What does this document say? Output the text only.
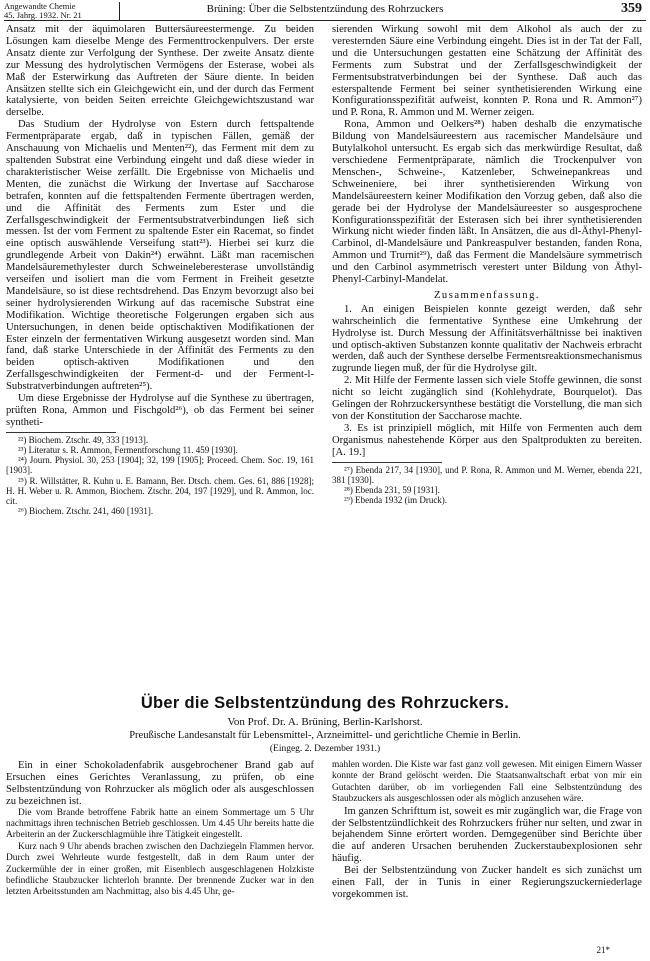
Angewandte Chemie
45. Jahrg. 1932. Nr. 21	Brüning: Über die Selbstentzündung des Rohrzuckers	359

Ansatz mit der äquimolaren Buttersäureestermenge. Zu beiden Lösungen kam dieselbe Menge des Fermenttrockenpulvers. Der erste Ansatz diente zur Verfolgung der Synthese. Der zweite Ansatz diente zur Messung des hydrolytischen Vermögens der Esterase, wobei als Maß der Esterwirkung das Auftreten der Säure diente. In beiden Ansätzen stellte sich ein Gleichgewicht ein, und der durch das Ferment katalysierte, von beiden Seiten erreichte Gleichgewichtszustand war derselbe.

Das Studium der Hydrolyse von Estern durch fettspaltende Fermentpräparate ergab, daß in typischen Fällen, gemäß der Anschauung von Michaelis und Menten²²), das Ferment mit dem zu spaltenden Substrat eine Verbindung eingeht und daß diese wieder in charakteristischer Weise zerfällt. Die Ergebnisse von Michaelis und Menten, die zunächst die Wirkung der Invertase auf Saccharose betrafen, konnten auf die fettspaltenden Fermente übertragen werden, und die Affinität des Ferments zum Ester und die Zerfallsgeschwindigkeit der Fermentsubstratverbindungen ließ sich messen. Ist der vom Ferment zu spaltende Ester ein Racemat, so findet eine optisch auswählende Verseifung statt²³). Hierbei sei kurz die grundlegende Arbeit von Dakin²⁴) erwähnt. Läßt man racemischen Mandelsäuremethylester durch Schweineleberesterase unvollständig verseifen und isoliert man die vom Ferment in Freiheit gesetzte Mandelsäure, so ist diese rechtsdrehend. Das Enzym bevorzugt also bei seiner hydrolysierenden Wirkung auf das racemische Substrat eine Modifikation. Wichtige theoretische Folgerungen ergaben sich aus Untersuchungen, in denen beide optischaktiven Modifikationen der Ester einzeln der fermentativen Wirkung ausgesetzt worden sind. Man fand, daß starke Unterschiede in der Affinität des Ferments zu den beiden optisch-aktiven Modifikationen und den Zerfallsgeschwindigkeiten der Ferment-d- und der Ferment-l-Substratverbindungen auftreten²⁵).

Um diese Ergebnisse der Hydrolyse auf die Synthese zu übertragen, prüften Rona, Ammon und Fischgold²⁶), ob das Ferment bei seiner syntheti-

²²) Biochem. Ztschr. 49, 333 [1913].

²³) Literatur s. R. Ammon, Fermentforschung 11. 459 [1930].

²⁴) Journ. Physiol. 30, 253 [1904]; 32, 199 [1905]; Proceed. Chem. Soc. 19, 161 [1903].

²⁵) R. Willstätter, R. Kuhn u. E. Bamann, Ber. Dtsch. chem. Ges. 61, 886 [1928]; H. H. Weber u. R. Ammon, Biochem. Ztschr. 204, 197 [1929], und R. Ammon, loc. cit.

²⁶) Biochem. Ztschr. 241, 460 [1931].

sierenden Wirkung sowohl mit dem Alkohol als auch der zu veresternden Säure eine Verbindung eingeht. Dies ist in der Tat der Fall, und die Untersuchungen gestatten eine Schätzung der Affinität des Ferments zum Substrat und der Zerfallsgeschwindigkeit der Fermentsubstratverbindungen bei der Synthese. Daß auch das esterspaltende Ferment bei seiner synthetisierenden Wirkung eine Konfigurationsspezifität aufweist, konnten P. Rona und R. Ammon²⁷) und P. Rona, R. Ammon und M. Werner zeigen.

Rona, Ammon und Oelkers²⁸) haben deshalb die enzymatische Bildung von Mandelsäureestern aus racemischer Mandelsäure und Butylalkohol untersucht. Es ergab sich das merkwürdige Resultat, daß verschiedene Fermentpräparate, nämlich die Trockenpulver von Menschen-, Schweine-, Katzenleber, Schweinepankreas und Schweineniere, bei ihrer synthetisierenden Wirkung von Mandelsäureestern keiner Modifikation den Vorzug geben, daß also die gerade bei der Hydrolyse der Mandelsäureester so ausgesprochene Konfigurationsspezifität der Esterasen sich bei ihrer synthetisierenden Wirkung nicht wieder finden läßt. In Ansätzen, die aus dl-Äthyl-Phenyl-Carbinol, dl-Mandelsäure und Pankreaspulver bestanden, fanden Rona, Ammon und Trurnit²⁹), daß das Ferment die Mandelsäure symmetrisch und den Carbinol asymmetrisch verestert unter Bildung von Äthyl-Phenyl-Carbinyl-Mandelat.

Zusammenfassung.

1. An einigen Beispielen konnte gezeigt werden, daß sehr wahrscheinlich die fermentative Synthese eine Umkehrung der Hydrolyse ist. Durch Messung der Affinitätsverhältnisse bei inaktiven und optisch-aktiven Substanzen konnte qualitativ der Nachweis erbracht werden, daß auch der Synthese derselbe Fermentsreaktionsmechanismus zugrunde liegen muß, der für die Hydrolyse gilt.

2. Mit Hilfe der Fermente lassen sich viele Stoffe gewinnen, die sonst nicht so leicht zugänglich sind (Kohlehydrate, Bourquelot). Das Gelingen der Rohrzuckersynthese bestätigt die Vorstellung, die man sich von der Konstitution der Saccharose machte.

3. Es ist prinzipiell möglich, mit Hilfe von Fermenten auch dem Organismus nahestehende Körper aus den Spaltprodukten zu bereiten. [A. 19.]

²⁷) Ebenda 217, 34 [1930], und P. Rona, R. Ammon und M. Werner, ebenda 221, 381 [1930].

²⁸) Ebenda 231, 59 [1931].

²⁹) Ebenda 1932 (im Druck).

Über die Selbstentzündung des Rohrzuckers.
Von Prof. Dr. A. Brüning, Berlin-Karlshorst.
Preußische Landesanstalt für Lebensmittel-, Arzneimittel- und gerichtliche Chemie in Berlin.
(Eingeg. 2. Dezember 1931.)

Ein in einer Schokoladenfabrik ausgebrochener Brand gab auf Ersuchen eines Gerichtes Veranlassung, zu prüfen, ob eine Selbstentzündung von Rohrzucker als möglich oder als ausgeschlossen zu bezeichnen ist.

Die vom Brande betroffene Fabrik hatte an einem Sommertage um 5 Uhr nachmittags ihren technischen Betrieb geschlossen. Um 4.45 Uhr bereits hatte die Arbeiterin an der Zuckerschlagmühle ihre Tätigkeit eingestellt.

Kurz nach 9 Uhr abends brachen zwischen den Dachziegeln Flammen hervor. Durch zwei Wehrleute wurde festgestellt, daß in dem Raum unter der Zuckermühle der in einer großen, mit Eisenblech ausgeschlagenen Holzkiste befindliche Staubzucker lichterloh brannte. Der brennende Zucker war in den letzten Arbeitsstunden am Nachmittag, also bis 4.45 Uhr, ge-

mahlen worden. Die Kiste war fast ganz voll gewesen. Mit einigen Eimern Wasser konnte der Brand gelöscht werden. Die Staatsanwaltschaft erbat von mir ein Gutachten darüber, ob im vorliegenden Fall eine Selbstentzündung des Staubzuckers als ausgeschlossen oder als möglich anzusehen wäre.

Im ganzen Schrifttum ist, soweit es mir zugänglich war, die Frage von der Selbstentzündlichkeit des Rohrzuckers früher nur selten, und zwar in bejahendem Sinne erörtert worden. Demgegenüber sind Berichte über die auf anderen Ursachen beruhenden Zuckerstaubexplosionen sehr häufig.

Bei der Selbstentzündung von Zucker handelt es sich zunächst um einen Fall, der in Tunis in einer Regierungszuckerniederlage vorgekommen ist.

21*
